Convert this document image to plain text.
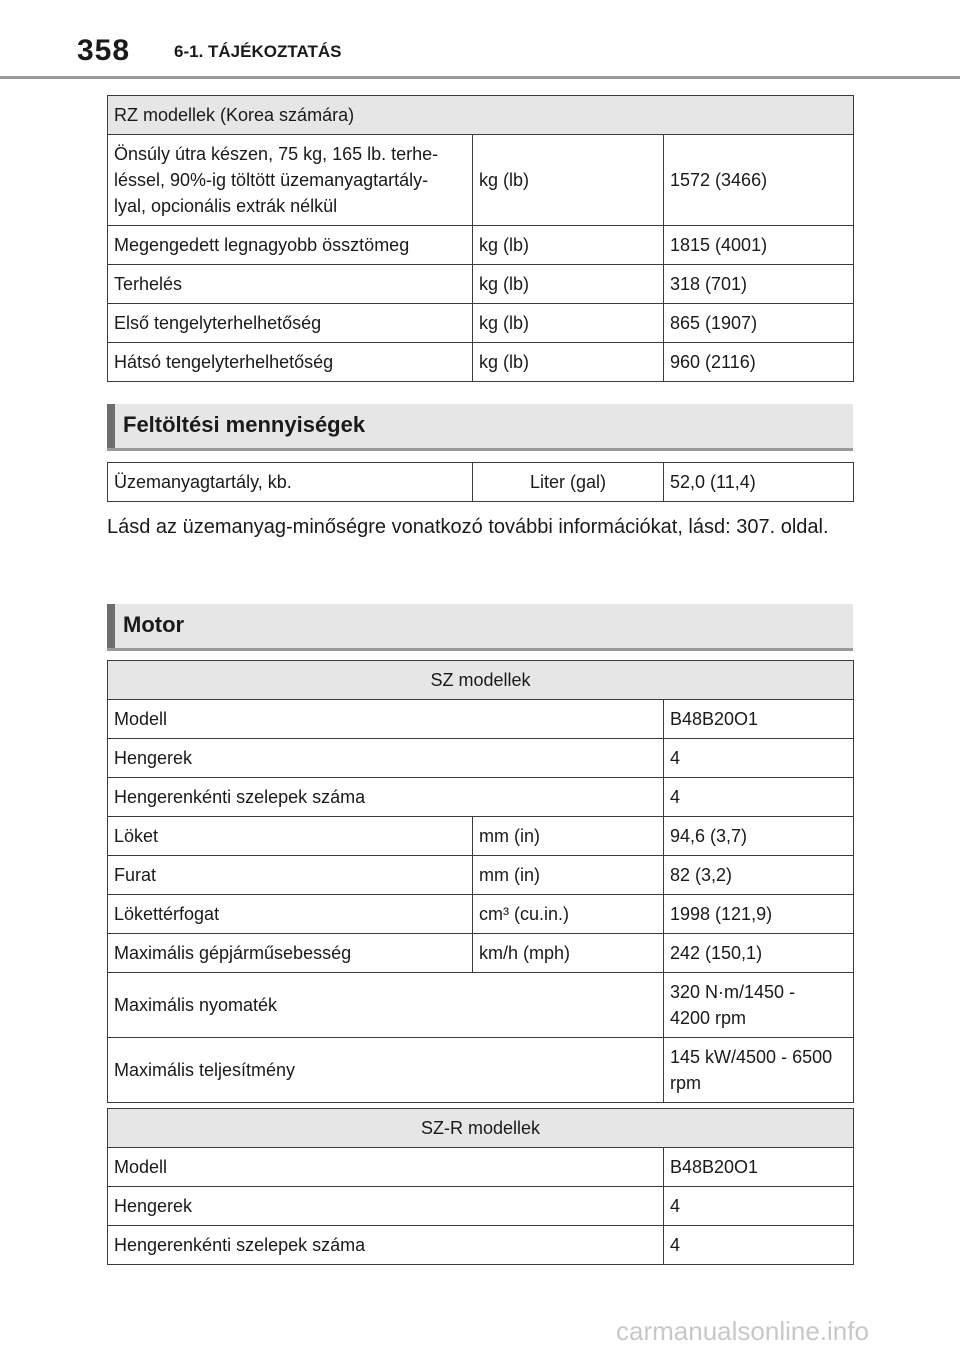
358	6-1. TÁJÉKOZTATÁS
RZ modellek (Korea számára)		
Önsúly útra készen, 75 kg, 165 lb. terhe-
léssel, 90%-ig töltött üzemanyagtartály-
lyal, opcionális extrák nélkül	kg (lb)	1572 (3466)
Megengedett legnagyobb össztömeg	kg (lb)	1815 (4001)
Terhelés	kg (lb)	318 (701)
Első tengelyterhelhetőség	kg (lb)	865 (1907)
Hátsó tengelyterhelhetőség	kg (lb)	960 (2116)
Feltöltési mennyiségek
Üzemanyagtartály, kb.	Liter (gal)	52,0 (11,4)
Lásd az üzemanyag-minőségre vonatkozó további információkat, lásd: 307. oldal.
Motor
SZ modellek		
Modell		B48B20O1
Hengerek		4
Hengerenkénti szelepek száma		4
Löket	mm (in)	94,6 (3,7)
Furat	mm (in)	82 (3,2)
Lökettérfogat	cm³ (cu.in.)	1998 (121,9)
Maximális gépjárműsebesség	km/h (mph)	242 (150,1)
Maximális nyomaték		320 N·m/1450 -
4200 rpm
Maximális teljesítmény		145 kW/4500 - 6500
rpm
SZ-R modellek	
Modell	B48B20O1
Hengerek	4
Hengerenkénti szelepek száma	4
carmanualsonline.info
